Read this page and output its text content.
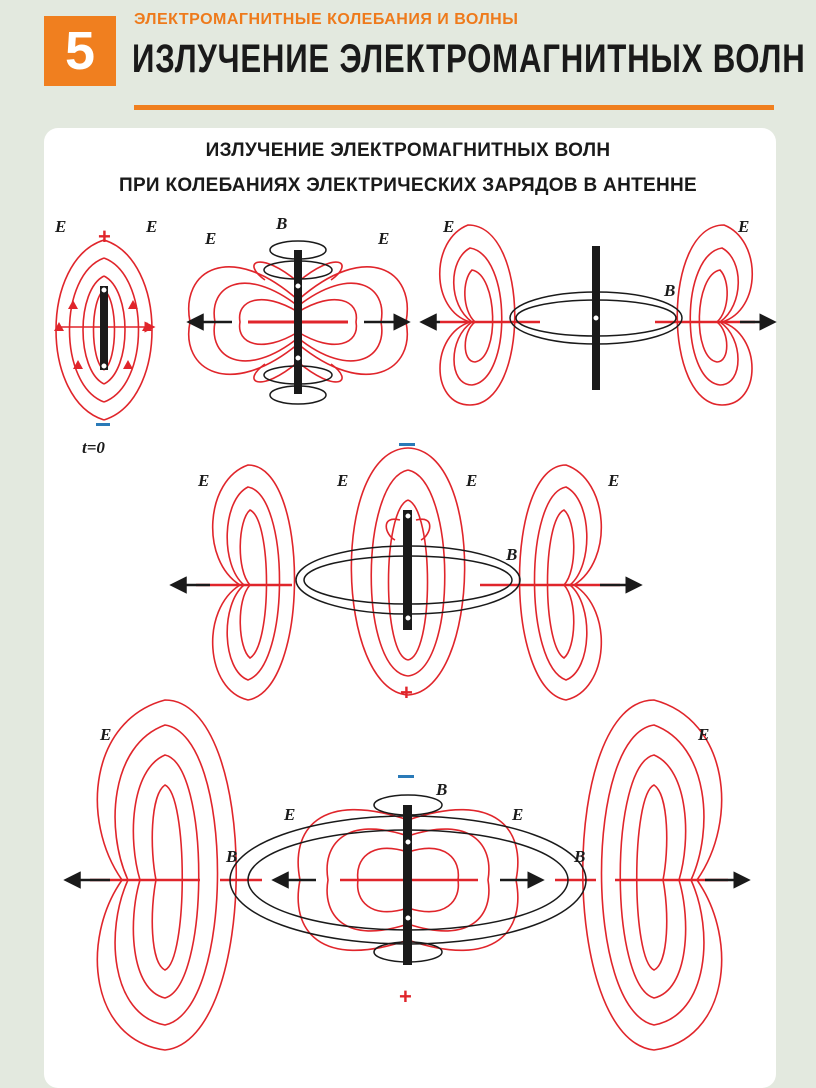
5
ЭЛЕКТРОМАГНИТНЫЕ КОЛЕБАНИЯ И ВОЛНЫ
ИЗЛУЧЕНИЕ ЭЛЕКТРОМАГНИТНЫХ ВОЛН
ИЗЛУЧЕНИЕ ЭЛЕКТРОМАГНИТНЫХ ВОЛН
ПРИ КОЛЕБАНИЯХ ЭЛЕКТРИЧЕСКИХ ЗАРЯДОВ В АНТЕННЕ
+
E	E
t=0
E	E
B	E	E
B
+
E	E	E	E
B
+
E	E
E	E
B
B	B
